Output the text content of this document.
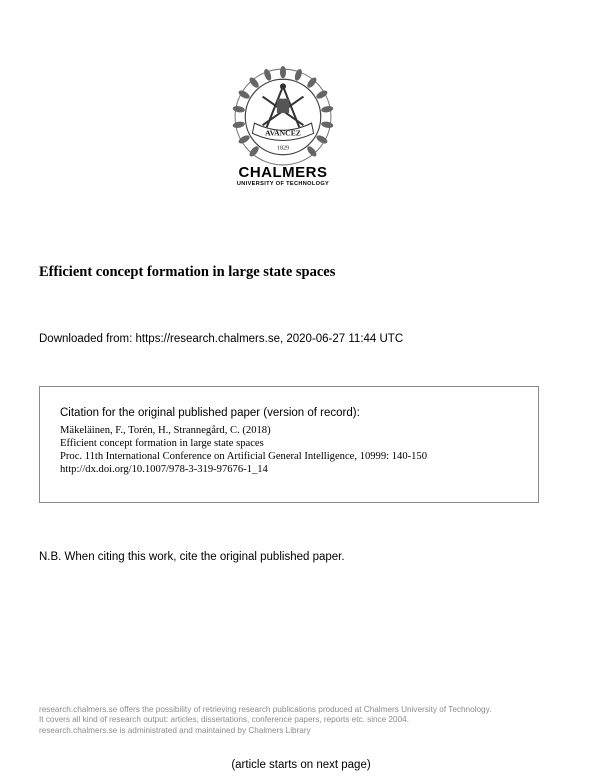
AVANCEZ
1829
CHALMERS
UNIVERSITY OF TECHNOLOGY
Efficient concept formation in large state spaces
Downloaded from: https://research.chalmers.se, 2020-06-27 11:44 UTC
Citation for the original published paper (version of record):
Mäkeläinen, F., Torén, H., Strannegård, C. (2018)
Efficient concept formation in large state spaces
Proc. 11th International Conference on Artificial General Intelligence, 10999: 140-150
http://dx.doi.org/10.1007/978-3-319-97676-1_14
N.B. When citing this work, cite the original published paper.
research.chalmers.se offers the possibility of retrieving research publications produced at Chalmers University of Technology.
It covers all kind of research output: articles, dissertations, conference papers, reports etc. since 2004.
research.chalmers.se is administrated and maintained by Chalmers Library
(article starts on next page)
